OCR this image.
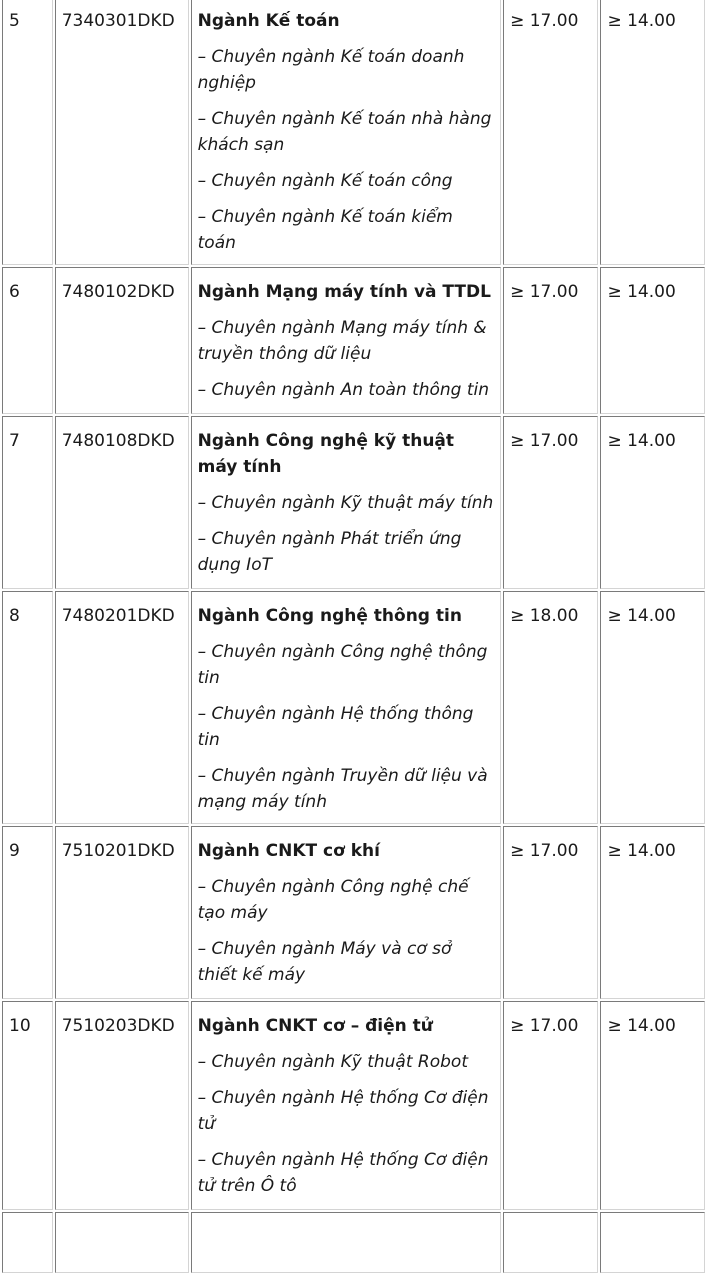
5	7340301DKD	Ngành Kế toán
– Chuyên ngành Kế toán doanh nghiệp
– Chuyên ngành Kế toán nhà hàng khách sạn
– Chuyên ngành Kế toán công
– Chuyên ngành Kế toán kiểm toán	≥ 17.00	≥ 14.00
6	7480102DKD	Ngành Mạng máy tính và TTDL
– Chuyên ngành Mạng máy tính & truyền thông dữ liệu
– Chuyên ngành An toàn thông tin	≥ 17.00	≥ 14.00
7	7480108DKD	Ngành Công nghệ kỹ thuật máy tính
– Chuyên ngành Kỹ thuật máy tính
– Chuyên ngành Phát triển ứng dụng IoT	≥ 17.00	≥ 14.00
8	7480201DKD	Ngành Công nghệ thông tin
– Chuyên ngành Công nghệ thông tin
– Chuyên ngành Hệ thống thông tin
– Chuyên ngành Truyền dữ liệu và mạng máy tính	≥ 18.00	≥ 14.00
9	7510201DKD	Ngành CNKT cơ khí
– Chuyên ngành Công nghệ chế tạo máy
– Chuyên ngành Máy và cơ sở thiết kế máy	≥ 17.00	≥ 14.00
10	7510203DKD	Ngành CNKT cơ – điện tử
– Chuyên ngành Kỹ thuật Robot
– Chuyên ngành Hệ thống Cơ điện tử
– Chuyên ngành Hệ thống Cơ điện tử trên Ô tô	≥ 17.00	≥ 14.00
